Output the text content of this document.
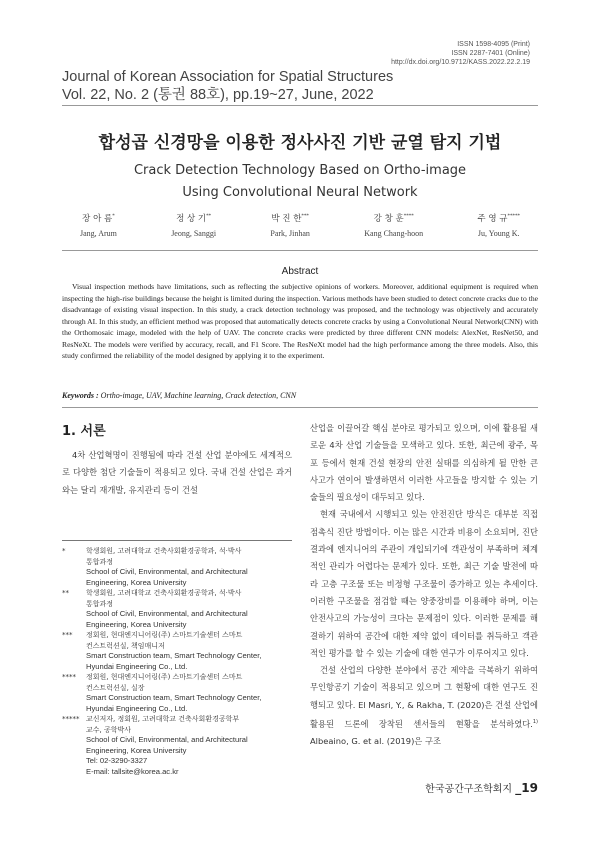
ISSN 1598-4095 (Print)
ISSN 2287-7401 (Online)
http://dx.doi.org/10.9712/KASS.2022.22.2.19
Journal of Korean Association for Spatial Structures
Vol. 22, No. 2 (통권 88호), pp.19~27, June, 2022
합성곱 신경망을 이용한 정사사진 기반 균열 탐지 기법
Crack Detection Technology Based on Ortho-image
Using Convolutional Neural Network
장 아 름*
Jang, Arum
정 상 기**
Jeong, Sanggi
박 진 한***
Park, Jinhan
강 창 훈****
Kang Chang-hoon
주 영 규*****
Ju, Young K.
Abstract
Visual inspection methods have limitations, such as reflecting the subjective opinions of workers. Moreover, additional equipment is required when inspecting the high-rise buildings because the height is limited during the inspection. Various methods have been studied to detect concrete cracks due to the disadvantage of existing visual inspection. In this study, a crack detection technology was proposed, and the technology was objectively and accurately through AI. In this study, an efficient method was proposed that automatically detects concrete cracks by using a Convolutional Neural Network(CNN) with the Orthomosaic image, modeled with the help of UAV. The concrete cracks were predicted by three different CNN models: AlexNet, ResNet50, and ResNeXt. The models were verified by accuracy, recall, and F1 Score. The ResNeXt model had the high performance among the three models. Also, this study confirmed the reliability of the model designed by applying it to the experiment.
Keywords : Ortho-image, UAV, Machine learning, Crack detection, CNN
1. 서론
4차 산업혁명이 진행됨에 따라 건설 산업 분야에도 세계적으로 다양한 첨단 기술들이 적용되고 있다. 국내 건설 산업은 과거와는 달리 재개발, 유지관리 등이 건설
*	학생회원, 고려대학교 건축사회환경공학과, 석·박사
통합과정
School of Civil, Environmental, and Architectural
Engineering, Korea University
**	학생회원, 고려대학교 건축사회환경공학과, 석·박사
통합과정
School of Civil, Environmental, and Architectural
Engineering, Korea University
***	정회원, 현대엔지니어링(주) 스마트기술센터 스마트
컨스트럭션실, 책임매니저
Smart Construction team, Smart Technology Center,
Hyundai Engineering Co., Ltd.
****	정회원, 현대엔지니어링(주) 스마트기술센터 스마트
컨스트럭션실, 실장
Smart Construction team, Smart Technology Center,
Hyundai Engineering Co., Ltd.
***** 교신저자, 정회원, 고려대학교 건축사회환경공학부
교수, 공학박사
School of Civil, Environmental, and Architectural
Engineering, Korea University
Tel: 02-3290-3327
E-mail: tallsite@korea.ac.kr
산업을 이끌어갈 핵심 분야로 평가되고 있으며, 이에 활용될 새로운 4차 산업 기술들을 모색하고 있다. 또한, 최근에 광주, 목포 등에서 현재 건설 현장의 안전 실태를 의심하게 될 만한 큰 사고가 연이어 발생하면서 이러한 사고들을 방지할 수 있는 기술들의 필요성이 대두되고 있다.
현재 국내에서 시행되고 있는 안전진단 방식은 대부분 직접 점촉식 진단 방법이다. 이는 많은 시간과 비용이 소요되며, 진단 결과에 엔지니어의 주관이 개입되기에 객관성이 부족하며 체계적인 관리가 어렵다는 문제가 있다. 또한, 최근 기술 발전에 따라 고층 구조물 또는 비정형 구조물이 증가하고 있는 추세이다. 이러한 구조물을 점검할 때는 양중장비를 이용해야 하며, 이는 안전사고의 가능성이 크다는 문제점이 있다. 이러한 문제를 해결하기 위하여 공간에 대한 제약 없이 데이터를 취득하고 객관적인 평가를 할 수 있는 기술에 대한 연구가 이루어지고 있다.
건설 산업의 다양한 분야에서 공간 제약을 극복하기 위하여 무인항공기 기술이 적용되고 있으며 그 현황에 대한 연구도 진행되고 있다. El Masri, Y., & Rakha, T. (2020)은 건설 산업에 활용된 드론에 장착된 센서들의 현황을 분석하였다.$^{1)}$ Albeaino, G. et al. (2019)은 구조
한국공간구조학회지 _19
